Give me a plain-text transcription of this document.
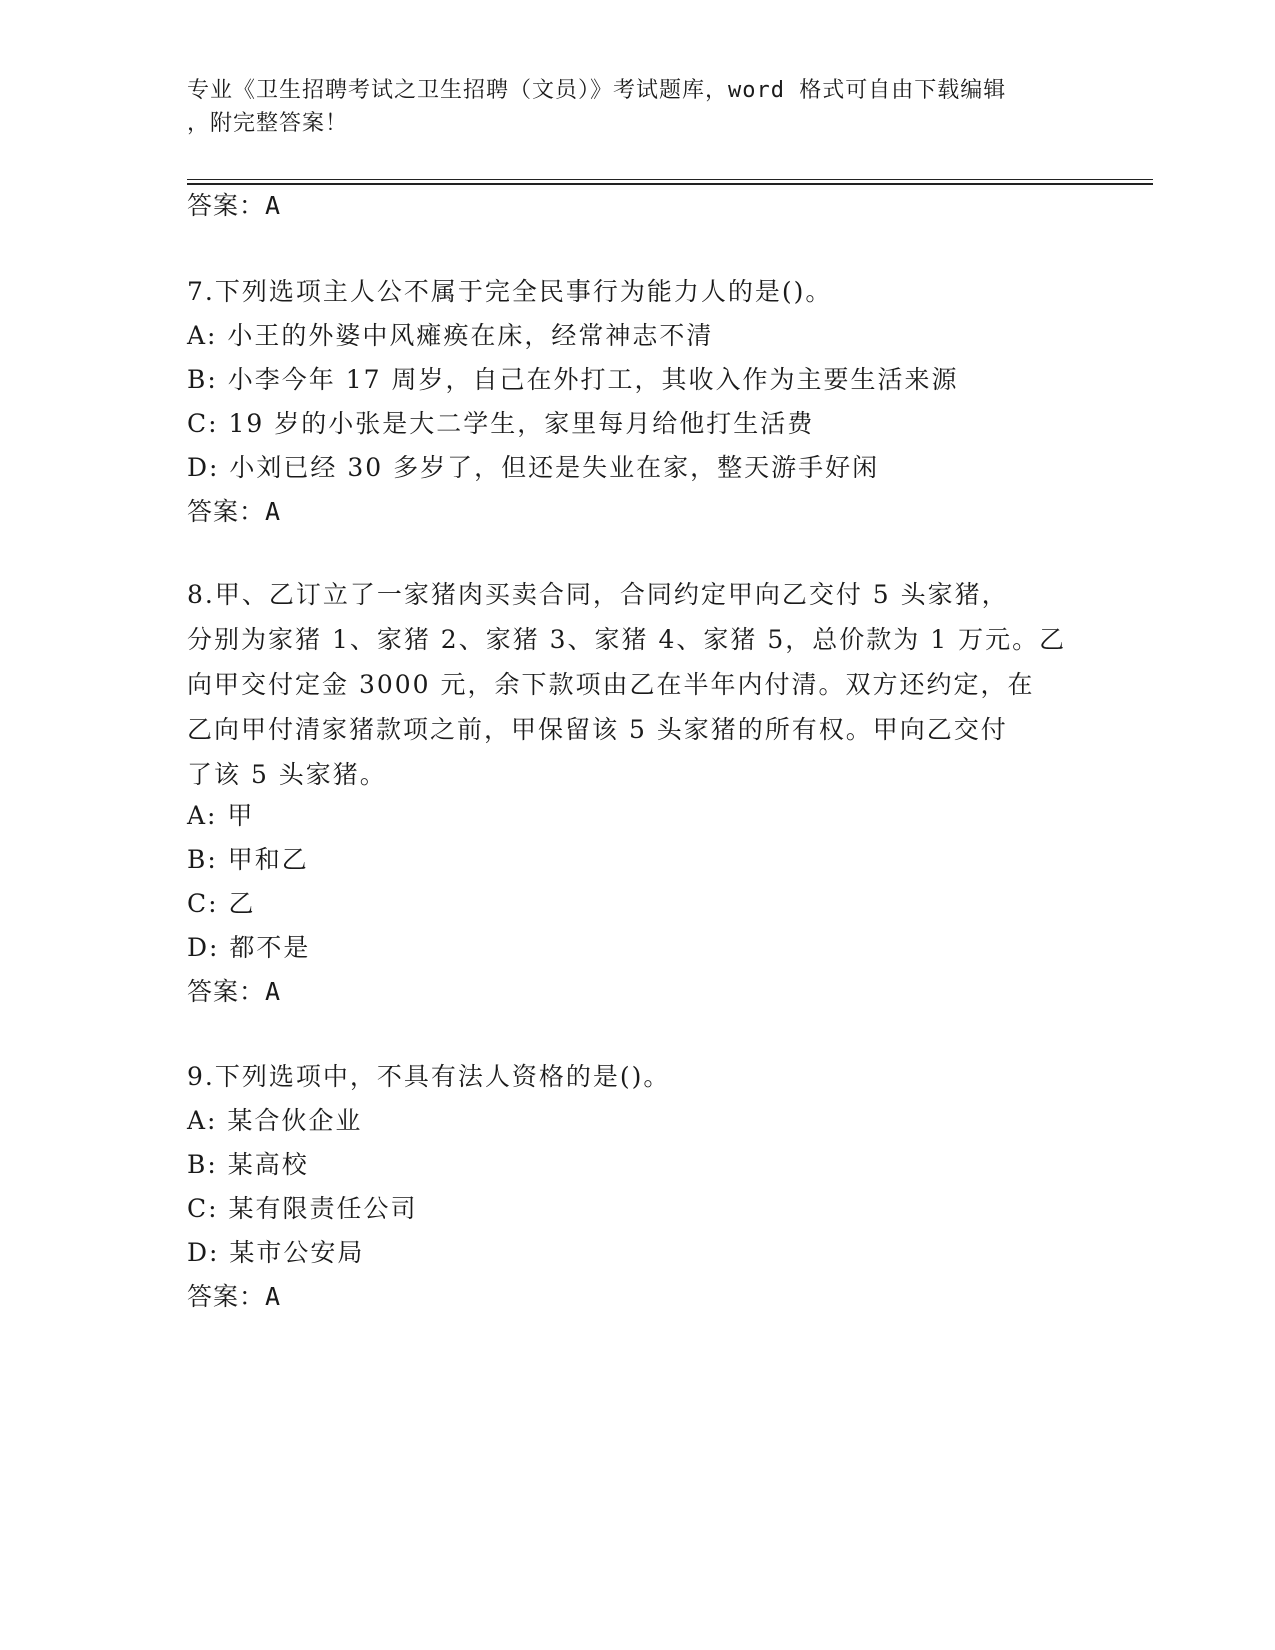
专业《卫生招聘考试之卫生招聘（文员）》考试题库，word 格式可自由下载编辑
，附完整答案！
答案：A
7.下列选项主人公不属于完全民事行为能力人的是()。
A: 小王的外婆中风瘫痪在床，经常神志不清
B: 小李今年 17 周岁，自己在外打工，其收入作为主要生活来源
C: 19 岁的小张是大二学生，家里每月给他打生活费
D: 小刘已经 30 多岁了，但还是失业在家，整天游手好闲
答案：A
8.甲、乙订立了一家猪肉买卖合同，合同约定甲向乙交付 5 头家猪，
分别为家猪 1、家猪 2、家猪 3、家猪 4、家猪 5，总价款为 1 万元。乙
向甲交付定金 3000 元，余下款项由乙在半年内付清。双方还约定，在
乙向甲付清家猪款项之前，甲保留该 5 头家猪的所有权。甲向乙交付
了该 5 头家猪。
A: 甲
B: 甲和乙
C: 乙
D: 都不是
答案：A
9.下列选项中，不具有法人资格的是()。
A: 某合伙企业
B: 某高校
C: 某有限责任公司
D: 某市公安局
答案：A
